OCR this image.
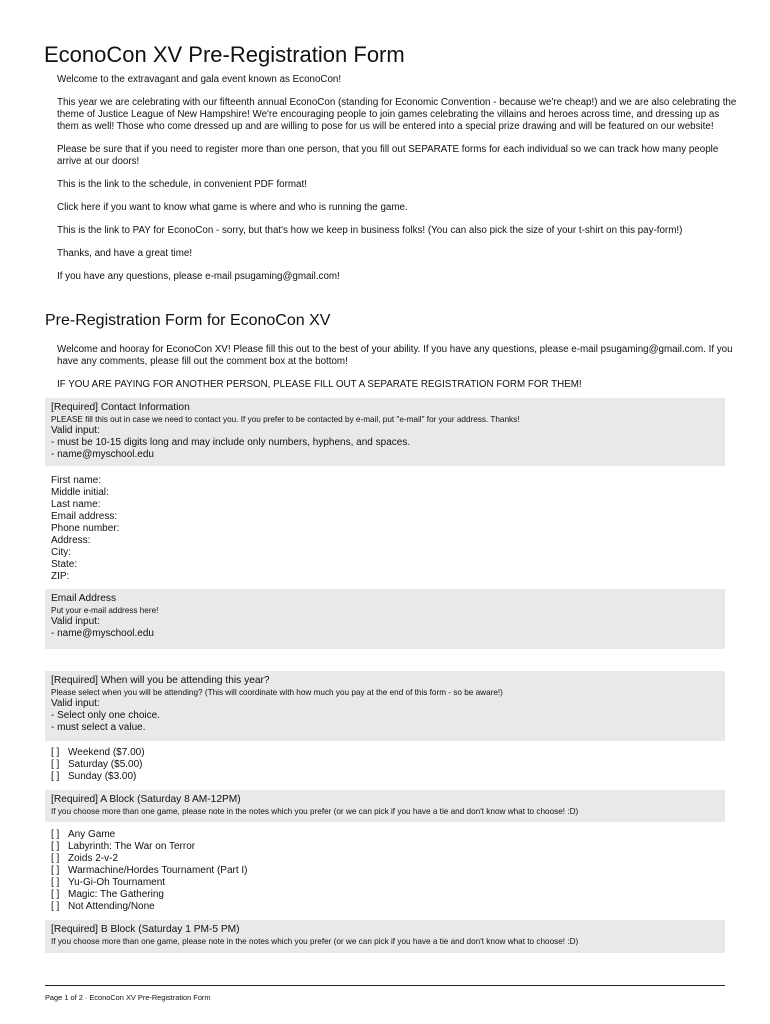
EconoCon XV Pre-Registration Form

Welcome to the extravagant and gala event known as EconoCon!

This year we are celebrating with our fifteenth annual EconoCon (standing for Economic Convention - because we're cheap!) and we are also celebrating the theme of Justice League of New Hampshire! We're encouraging people to join games celebrating the villains and heroes across time, and dressing up as them as well! Those who come dressed up and are willing to pose for us will be entered into a special prize drawing and will be featured on our website!

Please be sure that if you need to register more than one person, that you fill out SEPARATE forms for each individual so we can track how many people arrive at our doors!

This is the link to the schedule, in convenient PDF format!

Click here if you want to know what game is where and who is running the game.

This is the link to PAY for EconoCon - sorry, but that's how we keep in business folks! (You can also pick the size of your t-shirt on this pay-form!)

Thanks, and have a great time!

If you have any questions, please e-mail psugaming@gmail.com!

Pre-Registration Form for EconoCon XV

Welcome and hooray for EconoCon XV! Please fill this out to the best of your ability. If you have any questions, please e-mail psugaming@gmail.com. If you have any comments, please fill out the comment box at the bottom!

IF YOU ARE PAYING FOR ANOTHER PERSON, PLEASE FILL OUT A SEPARATE REGISTRATION FORM FOR THEM!

[Required] Contact Information
PLEASE fill this out in case we need to contact you. If you prefer to be contacted by e-mail, put "e-mail" for your address. Thanks!
Valid input:
- must be 10-15 digits long and may include only numbers, hyphens, and spaces.
- name@myschool.edu
First name:
Middle initial:
Last name:
Email address:
Phone number:
Address:
City:
State:
ZIP:
Email Address
Put your e-mail address here!
Valid input:
- name@myschool.edu
[Required] When will you be attending this year?
Please select when you will be attending? (This will coordinate with how much you pay at the end of this form - so be aware!)
Valid input:
- Select only one choice.
- must select a value.
[ ] Weekend ($7.00)
[ ] Saturday ($5.00)
[ ] Sunday ($3.00)
[Required] A Block (Saturday 8 AM-12PM)
If you choose more than one game, please note in the notes which you prefer (or we can pick if you have a tie and don't know what to choose! :D)
[ ] Any Game
[ ] Labyrinth: The War on Terror
[ ] Zoids 2-v-2
[ ] Warmachine/Hordes Tournament (Part I)
[ ] Yu-Gi-Oh Tournament
[ ] Magic: The Gathering
[ ] Not Attending/None
[Required] B Block (Saturday 1 PM-5 PM)
If you choose more than one game, please note in the notes which you prefer (or we can pick if you have a tie and don't know what to choose! :D)
Page 1 of 2 · EconoCon XV Pre-Registration Form
